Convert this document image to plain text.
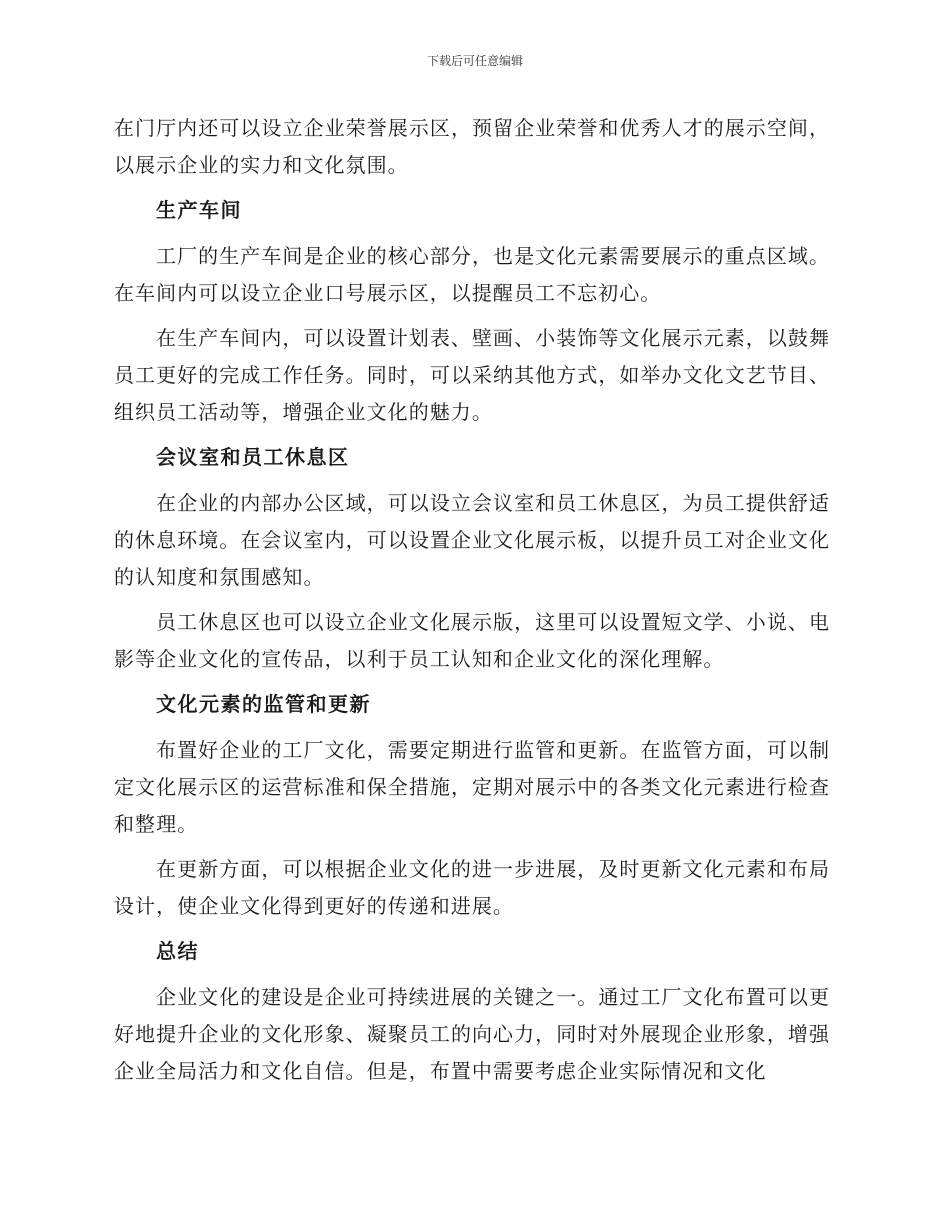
下载后可任意编辑

在门厅内还可以设立企业荣誉展示区，预留企业荣誉和优秀人才的展示空间，以展示企业的实力和文化氛围。

生产车间

工厂的生产车间是企业的核心部分，也是文化元素需要展示的重点区域。在车间内可以设立企业口号展示区，以提醒员工不忘初心。

在生产车间内，可以设置计划表、壁画、小装饰等文化展示元素，以鼓舞员工更好的完成工作任务。同时，可以采纳其他方式，如举办文化文艺节目、组织员工活动等，增强企业文化的魅力。

会议室和员工休息区

在企业的内部办公区域，可以设立会议室和员工休息区，为员工提供舒适的休息环境。在会议室内，可以设置企业文化展示板，以提升员工对企业文化的认知度和氛围感知。

员工休息区也可以设立企业文化展示版，这里可以设置短文学、小说、电影等企业文化的宣传品，以利于员工认知和企业文化的深化理解。

文化元素的监管和更新

布置好企业的工厂文化，需要定期进行监管和更新。在监管方面，可以制定文化展示区的运营标准和保全措施，定期对展示中的各类文化元素进行检查和整理。

在更新方面，可以根据企业文化的进一步进展，及时更新文化元素和布局设计，使企业文化得到更好的传递和进展。

总结

企业文化的建设是企业可持续进展的关键之一。通过工厂文化布置可以更好地提升企业的文化形象、凝聚员工的向心力，同时对外展现企业形象，增强企业全局活力和文化自信。但是，布置中需要考虑企业实际情况和文化
